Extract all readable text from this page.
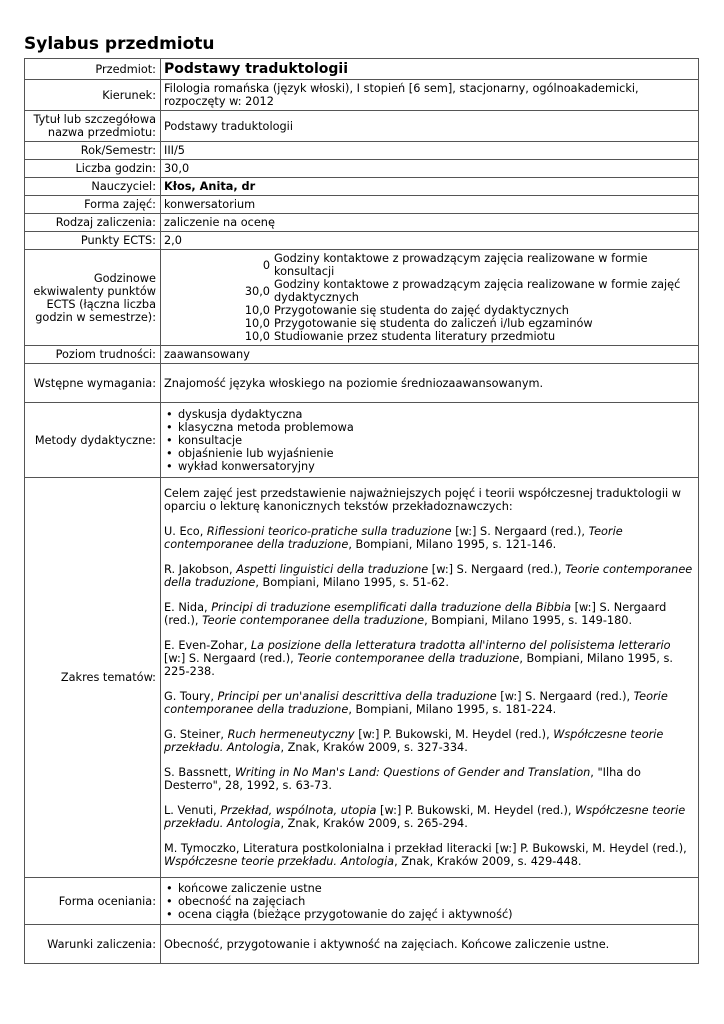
Sylabus przedmiotu
Przedmiot:	Podstawy traduktologii
Kierunek:	Filologia romańska (język włoski), I stopień [6 sem], stacjonarny, ogólnoakademicki, rozpoczęty w: 2012
Tytuł lub szczegółowa nazwa przedmiotu:	Podstawy traduktologii
Rok/Semestr:	III/5
Liczba godzin:	30,0
Nauczyciel:	Kłos, Anita, dr
Forma zajęć:	konwersatorium
Rodzaj zaliczenia:	zaliczenie na ocenę
Punkty ECTS:	2,0
Godzinowe ekwiwalenty punktów ECTS (łączna liczba godzin w semestrze):	
0	Godziny kontaktowe z prowadzącym zajęcia realizowane w formie konsultacji
30,0	Godziny kontaktowe z prowadzącym zajęcia realizowane w formie zajęć dydaktycznych
10,0	Przygotowanie się studenta do zajęć dydaktycznych
10,0	Przygotowanie się studenta do zaliczeń i/lub egzaminów
10,0	Studiowanie przez studenta literatury przedmiotu

Poziom trudności:	zaawansowany
Wstępne wymagania:	Znajomość języka włoskiego na poziomie średniozaawansowanym.
Metody dydaktyczne:	
• dyskusja dydaktyczna
• klasyczna metoda problemowa
• konsultacje
• objaśnienie lub wyjaśnienie
• wykład konwersatoryjny

Zakres tematów:	

Celem zajęć jest przedstawienie najważniejszych pojęć i teorii współczesnej traduktologii w oparciu o lekturę kanonicznych tekstów przekładoznawczych:

U. Eco, Riflessioni teorico-pratiche sulla traduzione [w:] S. Nergaard (red.), Teorie contemporanee della traduzione, Bompiani, Milano 1995, s. 121-146.

R. Jakobson, Aspetti linguistici della traduzione [w:] S. Nergaard (red.), Teorie contemporanee della traduzione, Bompiani, Milano 1995, s. 51-62.

E. Nida, Principi di traduzione esemplificati dalla traduzione della Bibbia [w:] S. Nergaard (red.), Teorie contemporanee della traduzione, Bompiani, Milano 1995, s. 149-180.

E. Even-Zohar, La posizione della letteratura tradotta all'interno del polisistema letterario [w:] S. Nergaard (red.), Teorie contemporanee della traduzione, Bompiani, Milano 1995, s. 225-238.

G. Toury, Principi per un'analisi descrittiva della traduzione [w:] S. Nergaard (red.), Teorie contemporanee della traduzione, Bompiani, Milano 1995, s. 181-224.

G. Steiner, Ruch hermeneutyczny [w:] P. Bukowski, M. Heydel (red.), Współczesne teorie przekładu. Antologia, Znak, Kraków 2009, s. 327-334.

S. Bassnett, Writing in No Man's Land: Questions of Gender and Translation, "Ilha do Desterro", 28, 1992, s. 63-73.

L. Venuti, Przekład, wspólnota, utopia [w:] P. Bukowski, M. Heydel (red.), Współczesne teorie przekładu. Antologia, Znak, Kraków 2009, s. 265-294.

M. Tymoczko, Literatura postkolonialna i przekład literacki [w:] P. Bukowski, M. Heydel (red.), Współczesne teorie przekładu. Antologia, Znak, Kraków 2009, s. 429-448.

Forma oceniania:	
• końcowe zaliczenie ustne
• obecność na zajęciach
• ocena ciągła (bieżące przygotowanie do zajęć i aktywność)

Warunki zaliczenia:	Obecność, przygotowanie i aktywność na zajęciach. Końcowe zaliczenie ustne.
